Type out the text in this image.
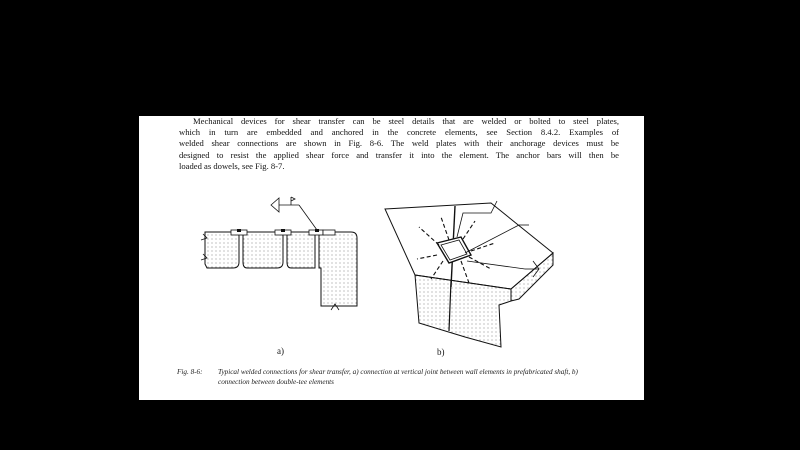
Mechanical devices for shear transfer can be steel details that are welded or bolted to steel plates,
which in turn are embedded and anchored in the concrete elements, see Section 8.4.2. Examples of
welded shear connections are shown in Fig. 8-6. The weld plates with their anchorage devices must be
designed to resist the applied shear force and transfer it into the element. The anchor bars will then be
loaded as dowels, see Fig. 8-7.
a)	b)
Fig. 8-6: Typical welded connections for shear transfer, a) connection at vertical joint between wall elements in prefabricated shaft, b) connection between double-tee elements
